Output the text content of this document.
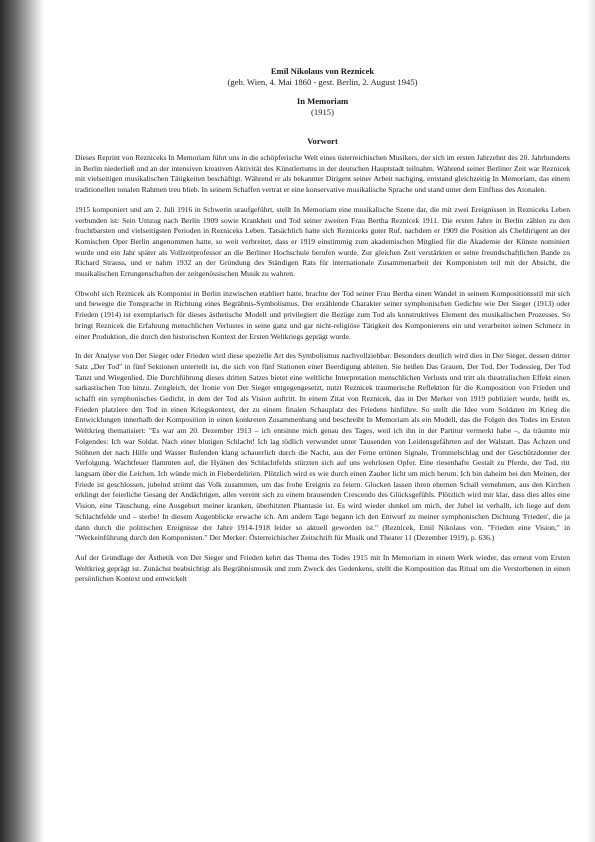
Emil Nikolaus von Reznicek
(geb. Wien, 4. Mai 1860 - gest. Berlin, 2. August 1945)
In Memoriam
(1915)
Vorwort

Dieses Reprint von Rezniceks In Memoriam führt uns in die schöpferische Welt eines österreichischen Musikers, der sich im ersten Jahrzehnt des 20. Jahrhunderts in Berlin niederließ und an der intensiven kreativen Aktivität des Künstlertums in der deutschen Hauptstadt teilnahm. Während seiner Berliner Zeit war Reznicek mit vielseitigen musikalischen Tätigkeiten beschäftigt. Während er als bekannter Dirigent seiner Arbeit nachging, entstand gleichzeitig In Memoriam, das einem traditionellen tonalen Rahmen treu blieb. In seinem Schaffen vertrat er eine konservative musikalische Sprache und stand unter dem Einfluss des Atonalen.

1915 komponiert und am 2. Juli 1916 in Schwerin uraufgeführt, stellt In Memoriam eine musikalische Szene dar, die mit zwei Ereignissen in Rezniceks Leben verbunden ist: Sein Umzug nach Berlin 1909 sowie Krankheit und Tod seiner zweiten Frau Bertha Reznicek 1911. Die ersten Jahre in Berlin zählen zu den fruchtbarsten und vielseitigsten Perioden in Rezniceks Leben. Tatsächlich hatte sich Rezniceks guter Ruf, nachdem er 1909 die Position als Chefdirigent an der Komischen Oper Berlin angenommen hatte, so weit verbreitet, dass er 1919 einstimmig zum akademischen Mitglied für die Akademie der Künste nominiert wurde und ein Jahr später als Vollzeitprofessor an die Berliner Hochschule berufen wurde. Zur gleichen Zeit verstärkten er seine freundschaftlichen Bande zu Richard Strauss, und er nahm 1932 an der Gründung des Ständigen Rats für internationale Zusammenarbeit der Komponisten teil mit der Absicht, die musikalischen Errungenschaften der zeitgenössischen Musik zu wahren.

Obwohl sich Reznicek als Komponist in Berlin inzwischen etabliert hatte, brachte der Tod seiner Frau Bertha einen Wandel in seinem Kompositionsstil mit sich und bewegte die Tonsprache in Richtung eines Begräbnis-Symbolismus. Der erzählende Charakter seiner symphonischen Gedichte wie Der Sieger (1913) oder Frieden (1914) ist exemplarisch für dieses ästhetische Modell und privilegiert die Bezüge zum Tod als konstruktives Element des musikalischen Prozesses. So bringt Reznicek die Erfahrung menschlichen Verlustes in seine ganz und gar nicht-religiöse Tätigkeit des Komponierens ein und verarbeitet seinen Schmerz in einer Produktion, die durch den historischen Kontext der Ersten Weltkriegs geprägt wurde.

In der Analyse von Der Sieger oder Frieden wird diese spezielle Art des Symbolismus nachvollziehbar. Besonders deutlich wird dies in Der Sieger, dessen dritter Satz „Der Tod" in fünf Sektionen unterteilt ist, die sich von fünf Stationen einer Beerdigung ableiten. Sie heißen Das Grauen, Der Tod, Der Todessieg, Der Tod Tanzt und Wiegenlied. Die Durchführung dieses dritten Satzes bietet eine weltliche Interpretation menschlichen Verlusts und tritt als theatralischen Effekt einen sarkastischen Ton hinzu. Zeitgleich, der Ironie von Der Sieger entgegengesetzt, nutzt Reznicek traumerische Reflektion für die Komposition von Frieden und schafft ein symphonisches Gedicht, in dem der Tod als Vision auftritt. In einem Zitat von Reznicek, das in Der Merker von 1919 publiziert wurde, heißt es, Frieden platziere den Tod in einen Kriegskontext, der zu einem finalen Schauplatz des Friedens hinführe. So stellt die Idee vom Soldaten im Krieg die Entwicklungen innerhalb der Komposition in einen konkreten Zusammenhang und beschreibt In Memoriam als ein Modell, das die Folgen des Todes im Ersten Weltkrieg thematisiert: "Es war am 20. Dezember 1913 – ich entsinne mich genau des Tages, weil ich ihn in der Partitur vermerkt habe –, da träumte mir Folgendes: Ich war Soldat. Nach einer blutigen Schlacht! Ich lag tödlich verwundet unter Tausenden von Leidensgefährten auf der Walstatt. Das Ächzen und Stöhnen der nach Hilfe und Wasser Rufenden klang schauerlich durch die Nacht, aus der Ferne ertönen Signale, Trommelschlag und der Geschützdonner der Verfolgung. Wachtfeuer flammten auf, die Hyänen des Schlachtfelds stürzten sich auf uns wehrlosen Opfer. Eine riesenhafte Gestalt zu Pferde, der Tod, ritt langsam über die Leichen. Ich wünde mich in Fieberdelirien. Plötzlich wird es wie durch einen Zauber licht um mich herum. Ich bin daheim bei den Meinen, der Friede ist geschlossen, jubelnd strömt das Volk zusammen, um das frohe Ereignis zu feiern. Glocken lassen ihren ehernen Schall vernehmen, aus den Kirchen erklingt der feierliche Gesang der Andächtigen, alles vereint sich zu einem brausenden Crescendo des Glücksgefühls. Plötzlich wird mir klar, dass dies alles eine Vision, eine Täuschung, eine Ausgeburt meiner kranken, überhitzten Phantasie ist. Es wird wieder dunkel um mich, der Jubel ist verhallt, ich liege auf dem Schlachtfelde und – sterbe! In diesem Augenblicke erwache ich. Am andern Tage begann ich den Entwurf zu meiner symphonischen Dichtung 'Frieden', die ja dann durch die politischen Ereignisse der Jahre 1914-1918 leider so aktuell geworden ist." (Reznicek, Emil Nikolaus von. "Frieden eine Vision," in "Werkeinführung durch den Komponisten." Der Merker: Österreichischer Zeitschrift für Musik und Theater 11 (Dezember 1919), p. 636.)

Auf der Grundlage der Ästhetik von Der Sieger und Frieden kehrt das Thema des Todes 1915 mit In Memoriam in einem Werk wieder, das erneut vom Ersten Weltkrieg geprägt ist. Zunächst beabsichtigt als Begräbnismusik und zum Zweck des Gedenkens, stellt die Komposition das Ritual um die Verstorbenen in einen persönlichen Kontext und entwickelt
